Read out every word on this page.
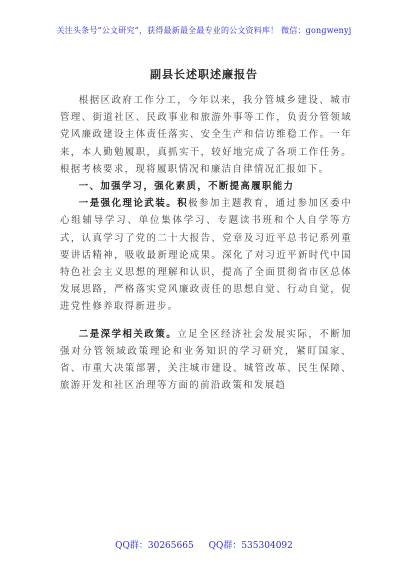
关注头条号“公文研究”，获得最新最全最专业的公文资料库！ 微信：gongwenyj
副县长述职述廉报告

根据区政府工作分工，今年以来，我分管城乡建设、城市管理、街道社区、民政事业和旅游外事等工作，负责分管领域党风廉政建设主体责任落实、安全生产和信访维稳工作。一年来，本人勤勉履职，真抓实干，较好地完成了各项工作任务。根据考核要求，现将履职情况和廉洁自律情况汇报如下。

一、加强学习，强化素质，不断提高履职能力

一是强化理论武装。积极参加主题教育，通过参加区委中心组辅导学习、单位集体学习、专题读书班和个人自学等方式，认真学习了党的二十大报告、党章及习近平总书记系列重要讲话精神，吸收最新理论成果。深化了对习近平新时代中国特色社会主义思想的理解和认识，提高了全面贯彻省市区总体发展思路，严格落实党风廉政责任的思想自觉、行动自觉，促进党性修养取得新进步。

二是深学相关政策。立足全区经济社会发展实际，不断加强对分管领域政策理论和业务知识的学习研究，紧盯国家、省、市重大决策部署，关注城市建设、城管改革、民生保障、旅游开发和社区治理等方面的前沿政策和发展趋

QQ群：30265665 QQ群：535304092
